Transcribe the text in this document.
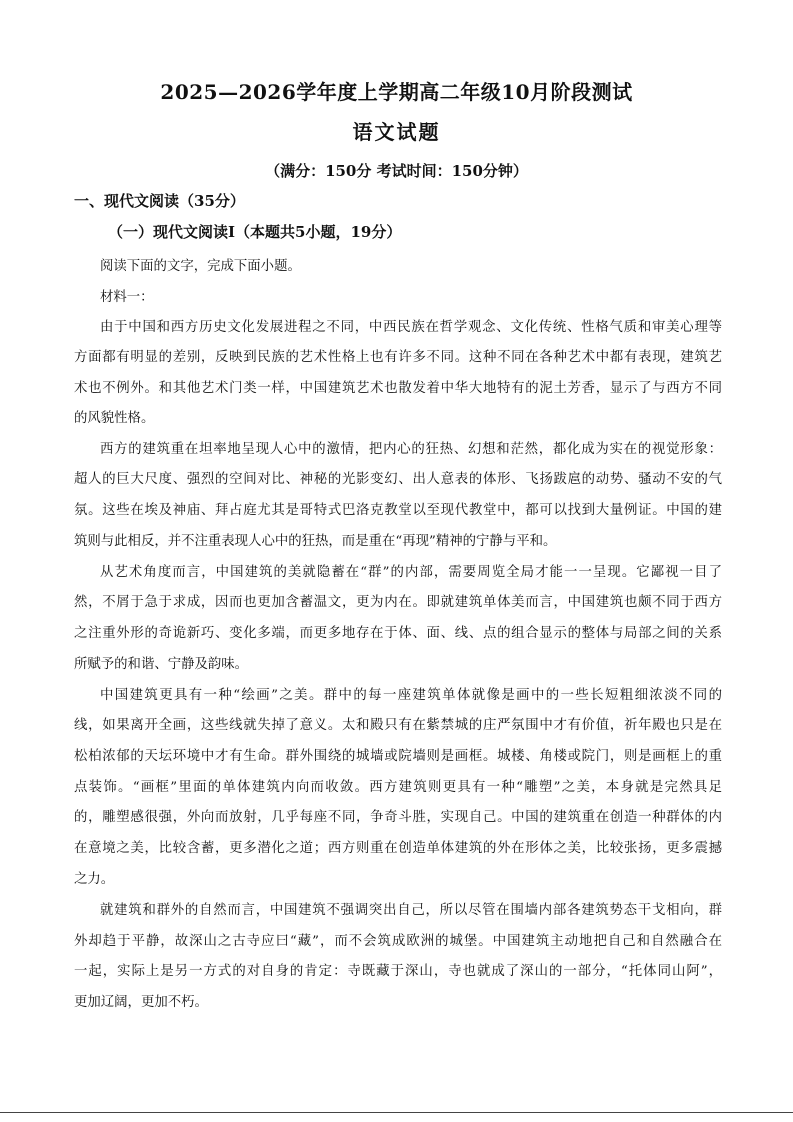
2025—2026学年度上学期高二年级10月阶段测试
语文试题
（满分：150分 考试时间：150分钟）
一、现代文阅读（35分）
（一）现代文阅读Ⅰ（本题共5小题，19分）
阅读下面的文字，完成下面小题。
材料一：
由于中国和西方历史文化发展进程之不同，中西民族在哲学观念、文化传统、性格气质和审美心理等
方面都有明显的差别，反映到民族的艺术性格上也有许多不同。这种不同在各种艺术中都有表现，建筑艺
术也不例外。和其他艺术门类一样，中国建筑艺术也散发着中华大地特有的泥土芳香，显示了与西方不同
的风貌性格。
西方的建筑重在坦率地呈现人心中的激情，把内心的狂热、幻想和茫然，都化成为实在的视觉形象：
超人的巨大尺度、强烈的空间对比、神秘的光影变幻、出人意表的体形、飞扬跋扈的动势、骚动不安的气
氛。这些在埃及神庙、拜占庭尤其是哥特式巴洛克教堂以至现代教堂中，都可以找到大量例证。中国的建
筑则与此相反，并不注重表现人心中的狂热，而是重在“再现”精神的宁静与平和。
从艺术角度而言，中国建筑的美就隐蓄在“群”的内部，需要周览全局才能一一呈现。它鄙视一目了
然，不屑于急于求成，因而也更加含蓄温文，更为内在。即就建筑单体美而言，中国建筑也颇不同于西方
之注重外形的奇诡新巧、变化多端，而更多地存在于体、面、线、点的组合显示的整体与局部之间的关系
所赋予的和谐、宁静及韵味。
中国建筑更具有一种“绘画”之美。群中的每一座建筑单体就像是画中的一些长短粗细浓淡不同的
线，如果离开全画，这些线就失掉了意义。太和殿只有在紫禁城的庄严氛围中才有价值，祈年殿也只是在
松柏浓郁的天坛环境中才有生命。群外围绕的城墙或院墙则是画框。城楼、角楼或院门，则是画框上的重
点装饰。“画框”里面的单体建筑内向而收敛。西方建筑则更具有一种“雕塑”之美，本身就是完然具足
的，雕塑感很强，外向而放射，几乎每座不同，争奇斗胜，实现自己。中国的建筑重在创造一种群体的内
在意境之美，比较含蓄，更多潜化之道；西方则重在创造单体建筑的外在形体之美，比较张扬，更多震撼
之力。
就建筑和群外的自然而言，中国建筑不强调突出自己，所以尽管在围墙内部各建筑势态干戈相向，群
外却趋于平静，故深山之古寺应曰“藏”，而不会筑成欧洲的城堡。中国建筑主动地把自己和自然融合在
一起，实际上是另一方式的对自身的肯定：寺既藏于深山，寺也就成了深山的一部分，“托体同山阿”，
更加辽阔，更加不朽。
